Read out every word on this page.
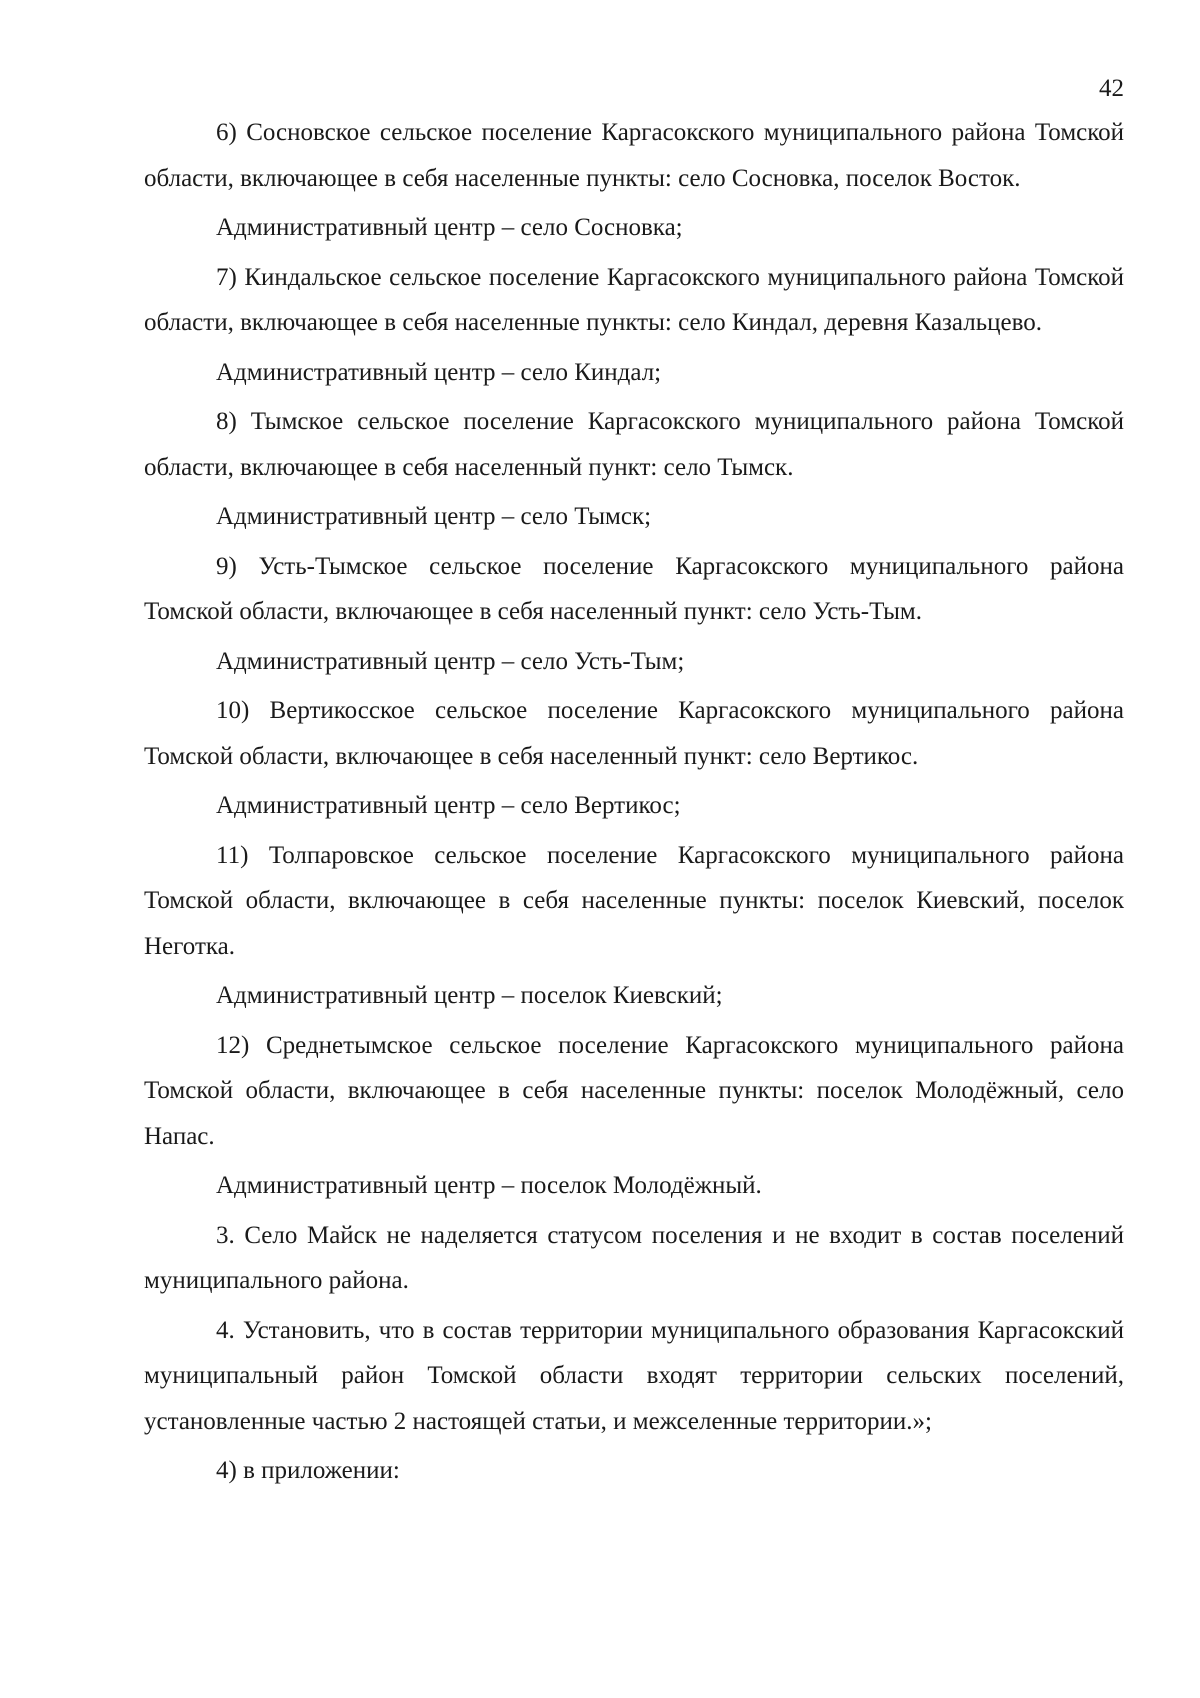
42

6) Сосновское сельское поселение Каргасокского муниципального района Томской области, включающее в себя населенные пункты: село Сосновка, поселок Восток.

Административный центр – село Сосновка;

7) Киндальское сельское поселение Каргасокского муниципального района Томской области, включающее в себя населенные пункты: село Киндал, деревня Казальцево.

Административный центр – село Киндал;

8) Тымское сельское поселение Каргасокского муниципального района Томской области, включающее в себя населенный пункт: село Тымск.

Административный центр – село Тымск;

9) Усть-Тымское сельское поселение Каргасокского муниципального района Томской области, включающее в себя населенный пункт: село Усть-Тым.

Административный центр – село Усть-Тым;

10) Вертикосское сельское поселение Каргасокского муниципального района Томской области, включающее в себя населенный пункт: село Вертикос.

Административный центр – село Вертикос;

11) Толпаровское сельское поселение Каргасокского муниципального района Томской области, включающее в себя населенные пункты: поселок Киевский, поселок Неготка.

Административный центр – поселок Киевский;

12) Среднетымское сельское поселение Каргасокского муниципального района Томской области, включающее в себя населенные пункты: поселок Молодёжный, село Напас.

Административный центр – поселок Молодёжный.

3. Село Майск не наделяется статусом поселения и не входит в состав поселений муниципального района.

4. Установить, что в состав территории муниципального образования Каргасокский муниципальный район Томской области входят территории сельских поселений, установленные частью 2 настоящей статьи, и межселенные территории.»;

4) в приложении:
